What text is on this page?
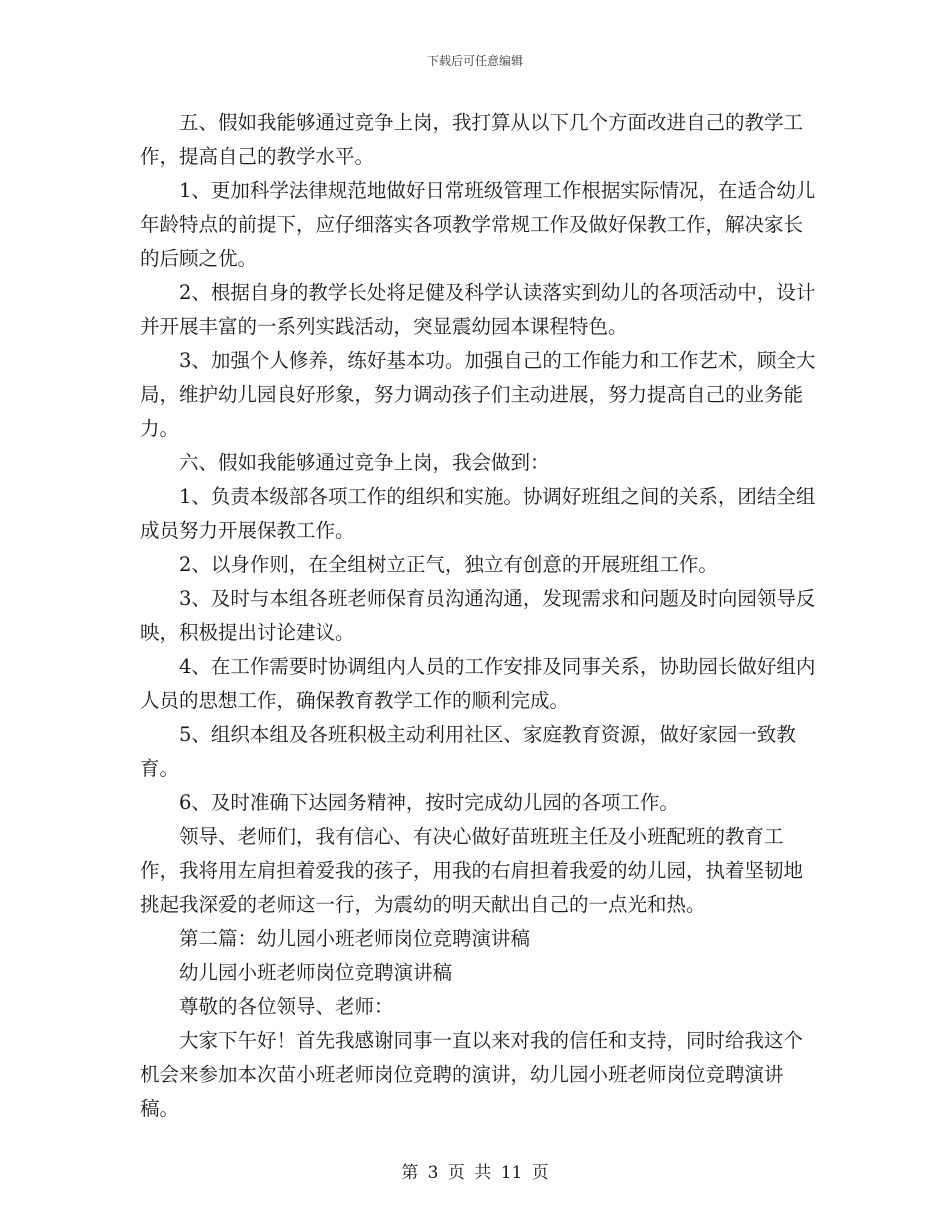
下载后可任意编辑

五、假如我能够通过竞争上岗，我打算从以下几个方面改进自己的教学工作，提高自己的教学水平。

1、更加科学法律规范地做好日常班级管理工作根据实际情况，在适合幼儿年龄特点的前提下，应仔细落实各项教学常规工作及做好保教工作，解决家长的后顾之优。

2、根据自身的教学长处将足健及科学认读落实到幼儿的各项活动中，设计并开展丰富的一系列实践活动，突显震幼园本课程特色。

3、加强个人修养，练好基本功。加强自己的工作能力和工作艺术，顾全大局，维护幼儿园良好形象，努力调动孩子们主动进展，努力提高自己的业务能力。

六、假如我能够通过竞争上岗，我会做到：

1、负责本级部各项工作的组织和实施。协调好班组之间的关系，团结全组成员努力开展保教工作。

2、以身作则，在全组树立正气，独立有创意的开展班组工作。

3、及时与本组各班老师保育员沟通沟通，发现需求和问题及时向园领导反映，积极提出讨论建议。

4、在工作需要时协调组内人员的工作安排及同事关系，协助园长做好组内人员的思想工作，确保教育教学工作的顺利完成。

5、组织本组及各班积极主动利用社区、家庭教育资源，做好家园一致教育。

6、及时准确下达园务精神，按时完成幼儿园的各项工作。

领导、老师们，我有信心、有决心做好苗班班主任及小班配班的教育工作，我将用左肩担着爱我的孩子，用我的右肩担着我爱的幼儿园，执着坚韧地挑起我深爱的老师这一行，为震幼的明天献出自己的一点光和热。

第二篇：幼儿园小班老师岗位竞聘演讲稿

幼儿园小班老师岗位竞聘演讲稿

尊敬的各位领导、老师：

大家下午好！首先我感谢同事一直以来对我的信任和支持，同时给我这个机会来参加本次苗小班老师岗位竞聘的演讲，幼儿园小班老师岗位竞聘演讲稿。

第 3 页 共 11 页
